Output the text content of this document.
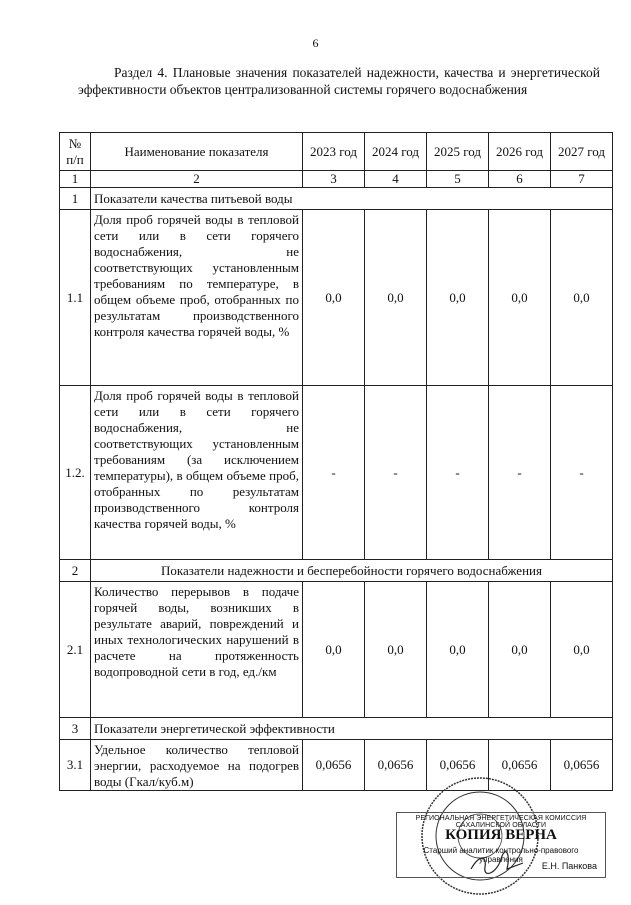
6
Раздел 4. Плановые значения показателей надежности, качества и энергетической эффективности объектов централизованной системы горячего водоснабжения
№ п/п	Наименование показателя	2023 год	2024 год	2025 год	2026 год	2027 год
1	2	3	4	5	6	7
1	Показатели качества питьевой воды					
1.1	Доля проб горячей воды в тепловой сети или в сети горячего водоснабжения, не соответствующих установленным требованиям по температуре, в общем объеме проб, отобранных по результатам производственного контроля качества горячей воды, %	0,0	0,0	0,0	0,0	0,0
1.2.	Доля проб горячей воды в тепловой сети или в сети горячего водоснабжения, не соответствующих установленным требованиям (за исключением температуры), в общем объеме проб, отобранных по результатам производственного контроля качества горячей воды, %	-	-	-	-	-
2	Показатели надежности и бесперебойности горячего водоснабжения					
2.1	Количество перерывов в подаче горячей воды, возникших в результате аварий, повреждений и иных технологических нарушений в расчете на протяженность водопроводной сети в год, ед./км	0,0	0,0	0,0	0,0	0,0
3	Показатели энергетической эффективности					
3.1	Удельное количество тепловой энергии, расходуемое на подогрев воды (Гкал/куб.м)	0,0656	0,0656	0,0656	0,0656	0,0656
РЕГИОНАЛЬНАЯ ЭНЕРГЕТИЧЕСКАЯ КОМИССИЯ САХАЛИНСКОЙ ОБЛАСТИ
КОПИЯ ВЕРНА
Старший аналитик контрольно-правового управления
Е.Н. Панкова
